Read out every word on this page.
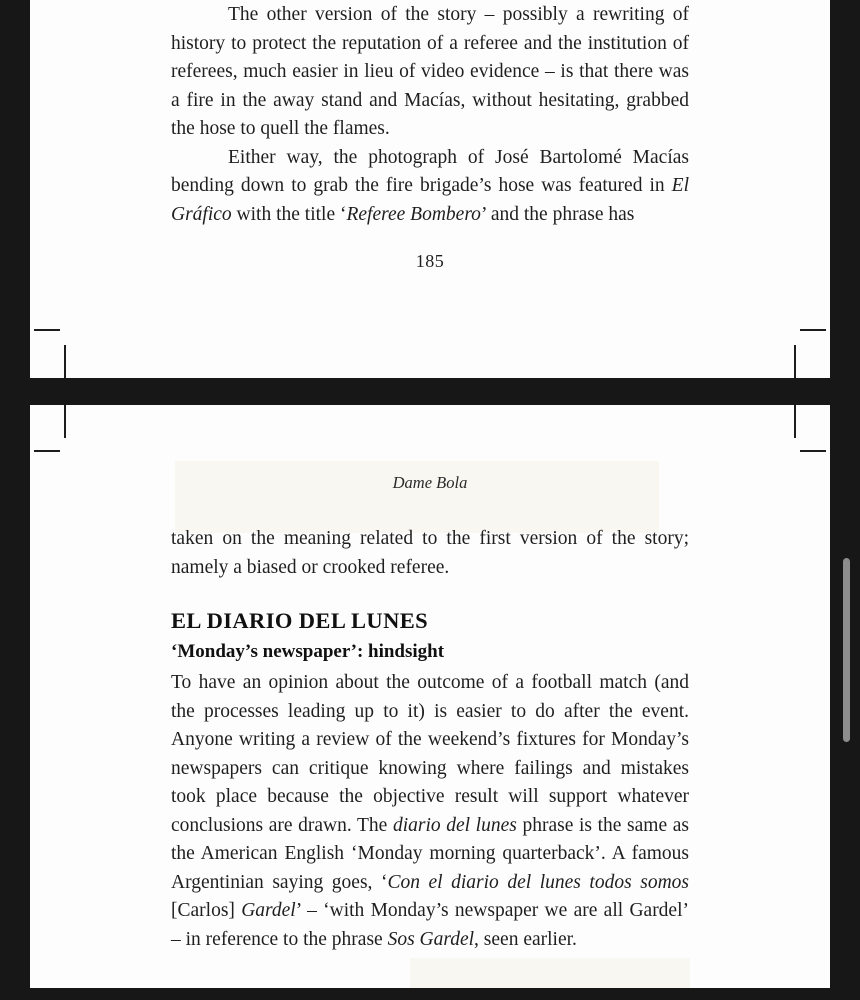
The other version of the story – possibly a rewriting of history to protect the reputation of a referee and the institution of referees, much easier in lieu of video evidence – is that there was a fire in the away stand and Macías, without hesitating, grabbed the hose to quell the flames.

Either way, the photograph of José Bartolomé Macías bending down to grab the fire brigade’s hose was featured in El Gráfico with the title ‘Referee Bombero’ and the phrase has

185
Dame Bola

taken on the meaning related to the first version of the story; namely a biased or crooked referee.

EL DIARIO DEL LUNES
‘Monday’s newspaper’: hindsight

To have an opinion about the outcome of a football match (and the processes leading up to it) is easier to do after the event. Anyone writing a review of the weekend’s fixtures for Monday’s newspapers can critique knowing where failings and mistakes took place because the objective result will support whatever conclusions are drawn. The diario del lunes phrase is the same as the American English ‘Monday morning quarterback’. A famous Argentinian saying goes, ‘Con el diario del lunes todos somos [Carlos] Gardel’ – ‘with Monday’s newspaper we are all Gardel’ – in reference to the phrase Sos Gardel, seen earlier.
